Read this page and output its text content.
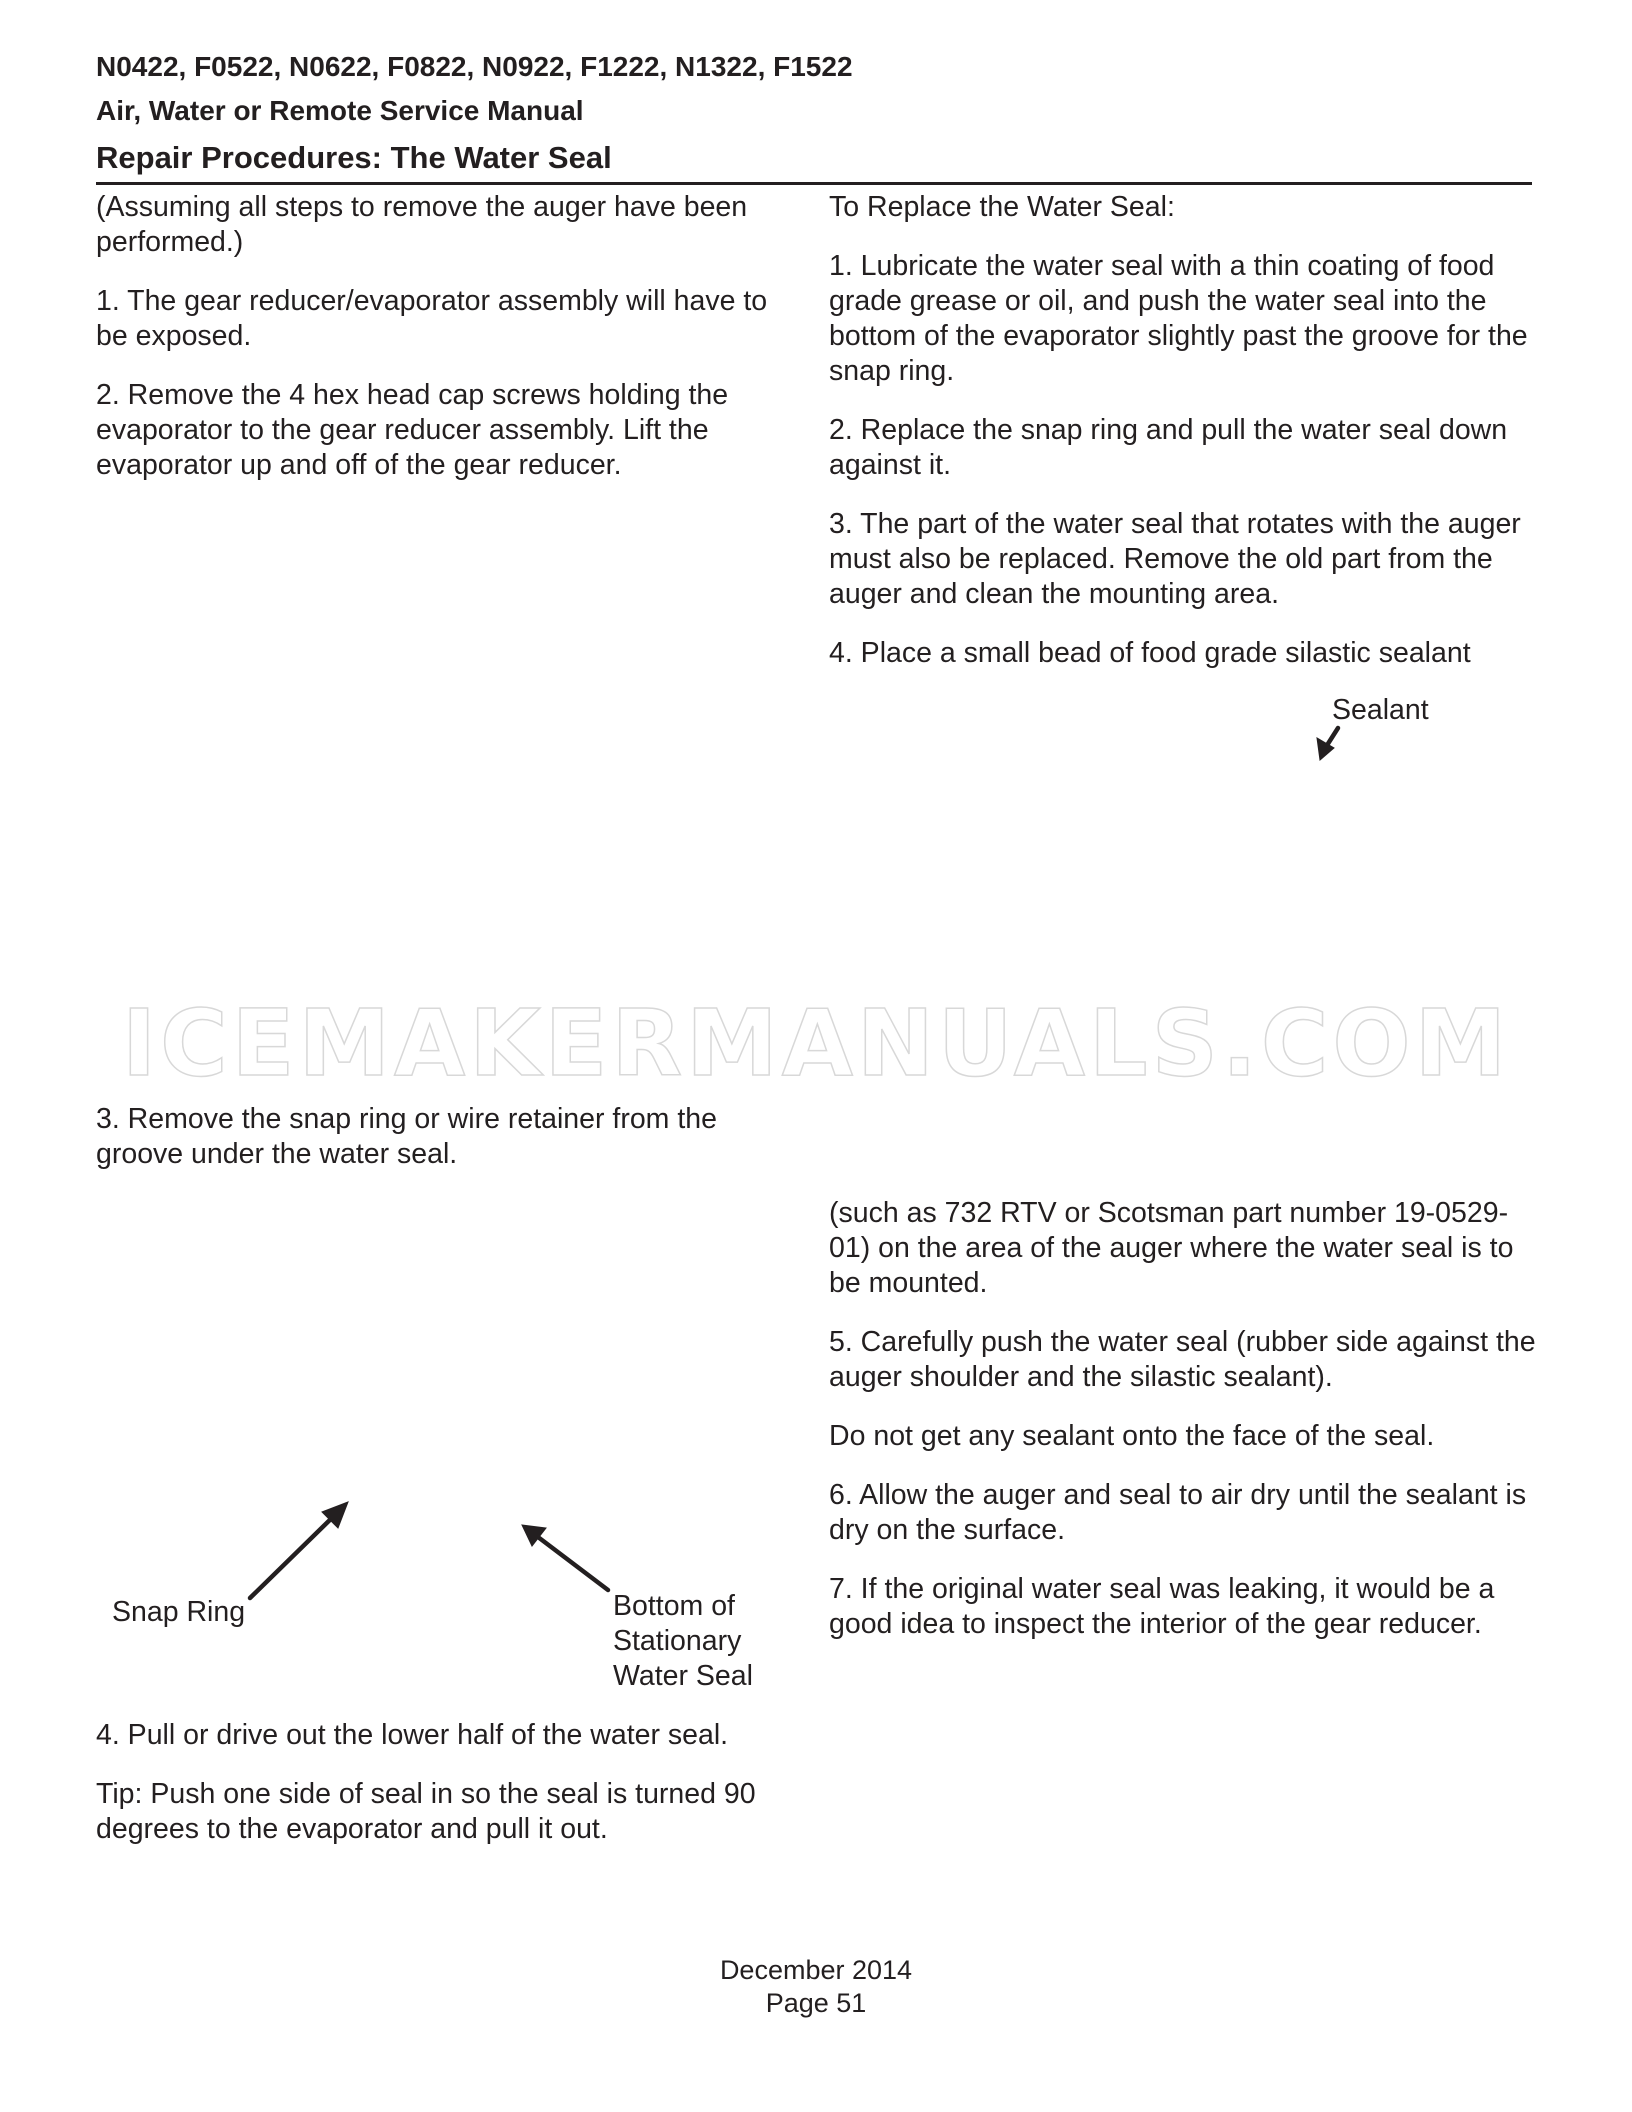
N0422, F0522, N0622, F0822, N0922, F1222, N1322, F1522
Air, Water or Remote Service Manual
Repair Procedures: The Water Seal

(Assuming all steps to remove the auger have been performed.)

1. The gear reducer/evaporator assembly will have to be exposed.

2. Remove the 4 hex head cap screws holding the evaporator to the gear reducer assembly. Lift the evaporator up and off of the gear reducer.

To Replace the Water Seal:

1. Lubricate the water seal with a thin coating of food grade grease or oil, and push the water seal into the bottom of the evaporator slightly past the groove for the snap ring.

2. Replace the snap ring and pull the water seal down against it.

3. The part of the water seal that rotates with the auger must also be replaced. Remove the old part from the auger and clean the mounting area.

4. Place a small bead of food grade silastic sealant

Sealant
ICEMAKERMANUALS.COM

3. Remove the snap ring or wire retainer from the groove under the water seal.

(such as 732 RTV or Scotsman part number 19-0529-01) on the area of the auger where the water seal is to be mounted.

5. Carefully push the water seal (rubber side against the auger shoulder and the silastic sealant).

Do not get any sealant onto the face of the seal.

6. Allow the auger and seal to air dry until the sealant is dry on the surface.

7. If the original water seal was leaking, it would be a good idea to inspect the interior of the gear reducer.

Snap Ring	Bottom of
Stationary
Water Seal

4. Pull or drive out the lower half of the water seal.

Tip: Push one side of seal in so the seal is turned 90 degrees to the evaporator and pull it out.

December 2014
Page 51
